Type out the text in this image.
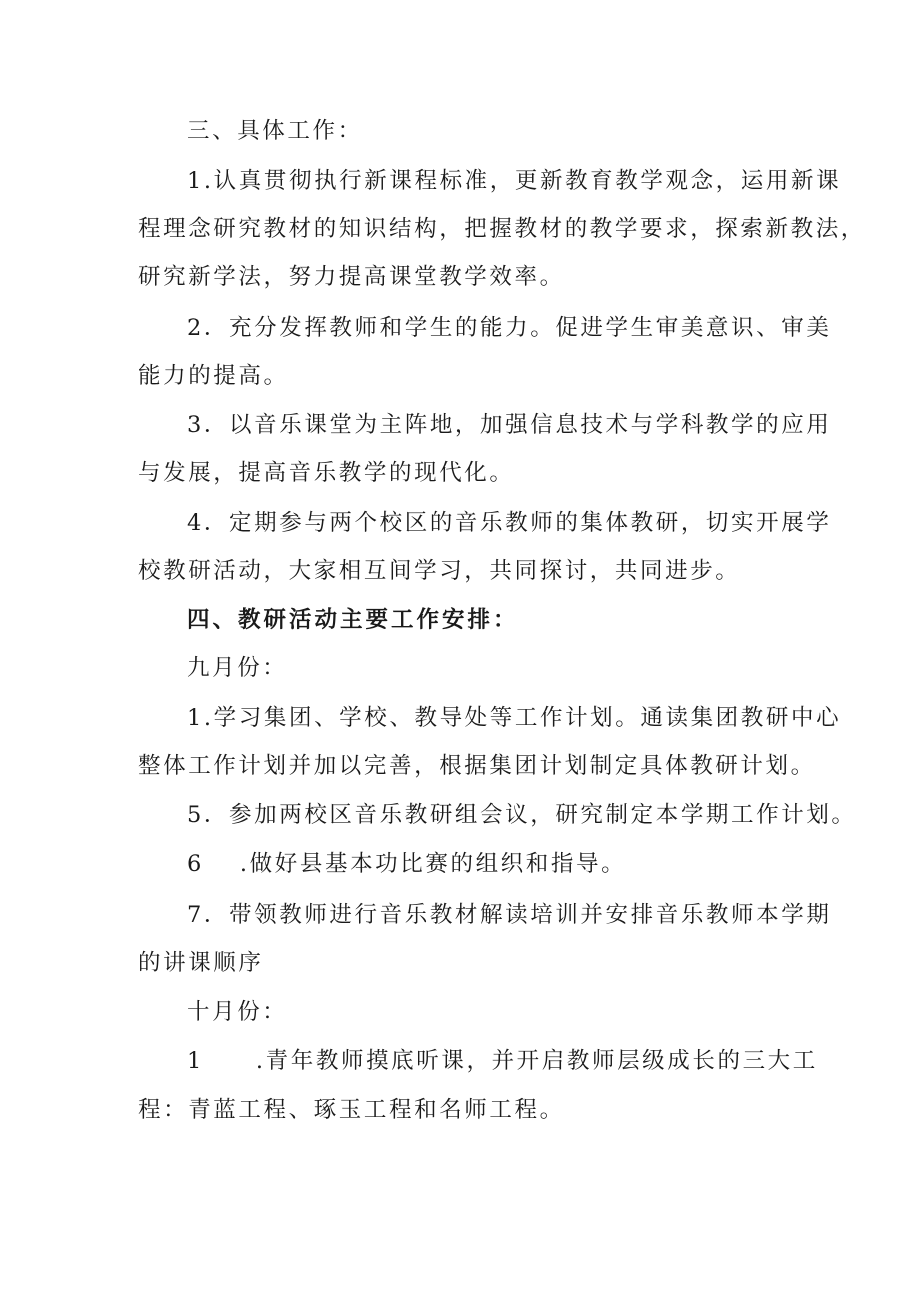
三、具体工作：
1.认真贯彻执行新课程标准，更新教育教学观念，运用新课
程理念研究教材的知识结构，把握教材的教学要求，探索新教法，
研究新学法，努力提高课堂教学效率。
2．充分发挥教师和学生的能力。促进学生审美意识、审美
能力的提高。
3．以音乐课堂为主阵地，加强信息技术与学科教学的应用
与发展，提高音乐教学的现代化。
4．定期参与两个校区的音乐教师的集体教研，切实开展学
校教研活动，大家相互间学习，共同探讨，共同进步。
四、教研活动主要工作安排：
九月份：
1.学习集团、学校、教导处等工作计划。通读集团教研中心
整体工作计划并加以完善，根据集团计划制定具体教研计划。
5．参加两校区音乐教研组会议，研究制定本学期工作计划。
6 .做好县基本功比赛的组织和指导。
7．带领教师进行音乐教材解读培训并安排音乐教师本学期
的讲课顺序
十月份：
1 .青年教师摸底听课，并开启教师层级成长的三大工
程：青蓝工程、琢玉工程和名师工程。
